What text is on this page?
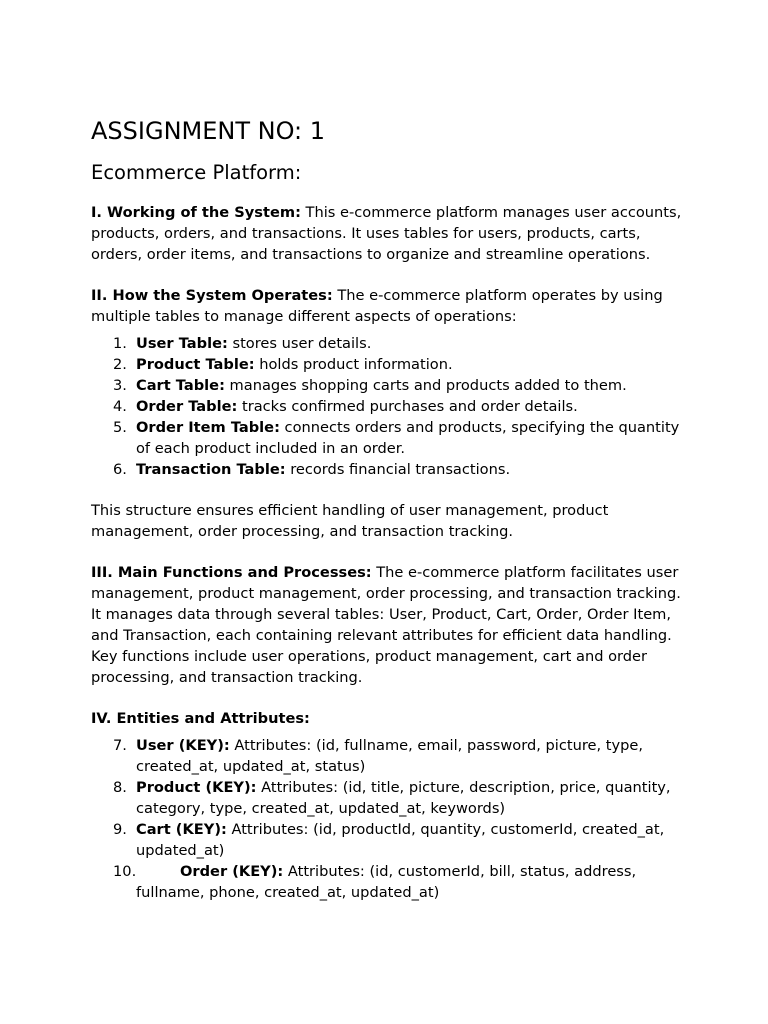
ASSIGNMENT NO: 1
Ecommerce Platform:

I. Working of the System: This e-commerce platform manages user accounts, products, orders, and transactions. It uses tables for users, products, carts, orders, order items, and transactions to organize and streamline operations.

II. How the System Operates: The e-commerce platform operates by using multiple tables to manage different aspects of operations:

1. User Table: stores user details.
2. Product Table: holds product information.
3. Cart Table: manages shopping carts and products added to them.
4. Order Table: tracks confirmed purchases and order details.
5. Order Item Table: connects orders and products, specifying the quantity of each product included in an order.
6. Transaction Table: records financial transactions.

This structure ensures efficient handling of user management, product management, order processing, and transaction tracking.

III. Main Functions and Processes: The e-commerce platform facilitates user management, product management, order processing, and transaction tracking. It manages data through several tables: User, Product, Cart, Order, Order Item, and Transaction, each containing relevant attributes for efficient data handling. Key functions include user operations, product management, cart and order processing, and transaction tracking.

IV. Entities and Attributes:

7. User (KEY): Attributes: (id, fullname, email, password, picture, type, created_at, updated_at, status)
8. Product (KEY): Attributes: (id, title, picture, description, price, quantity, category, type, created_at, updated_at, keywords)
9. Cart (KEY): Attributes: (id, productId, quantity, customerId, created_at, updated_at)
10.	Order (KEY): Attributes: (id, customerId, bill, status, address, fullname, phone, created_at, updated_at)
